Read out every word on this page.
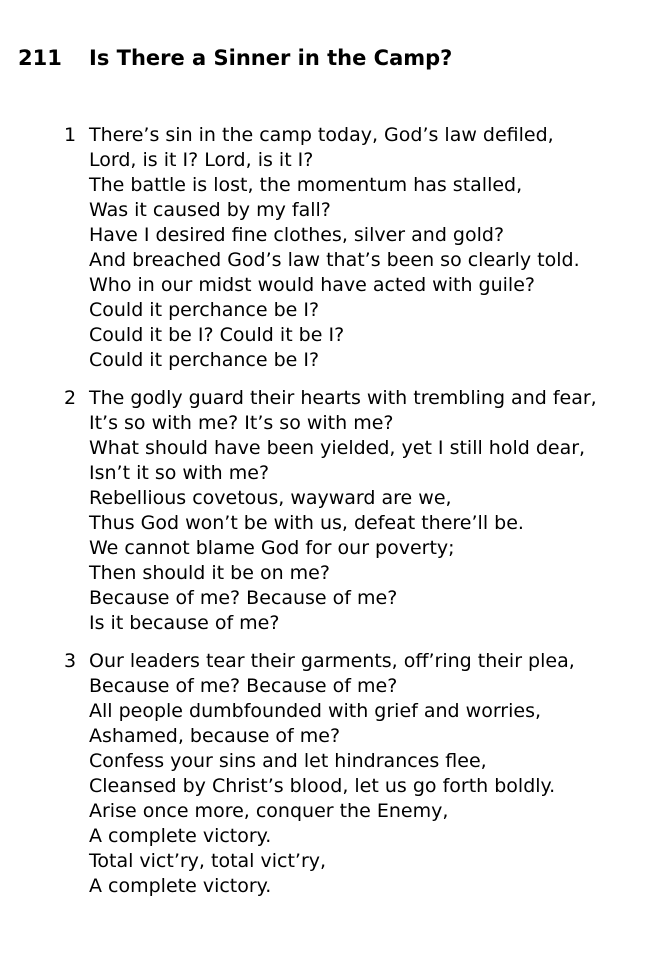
211	Is There a Sinner in the Camp?
1 There’s sin in the camp today, God’s law defiled,
Lord, is it I? Lord, is it I?
The battle is lost, the momentum has stalled,
Was it caused by my fall?
Have I desired fine clothes, silver and gold?
And breached God’s law that’s been so clearly told.
Who in our midst would have acted with guile?
Could it perchance be I?
Could it be I? Could it be I?
Could it perchance be I?
2 The godly guard their hearts with trembling and fear,
It’s so with me? It’s so with me?
What should have been yielded, yet I still hold dear,
Isn’t it so with me?
Rebellious covetous, wayward are we,
Thus God won’t be with us, defeat there’ll be.
We cannot blame God for our poverty;
Then should it be on me?
Because of me? Because of me?
Is it because of me?
3 Our leaders tear their garments, off’ring their plea,
Because of me? Because of me?
All people dumbfounded with grief and worries,
Ashamed, because of me?
Confess your sins and let hindrances flee,
Cleansed by Christ’s blood, let us go forth boldly.
Arise once more, conquer the Enemy,
A complete victory.
Total vict’ry, total vict’ry,
A complete victory.
